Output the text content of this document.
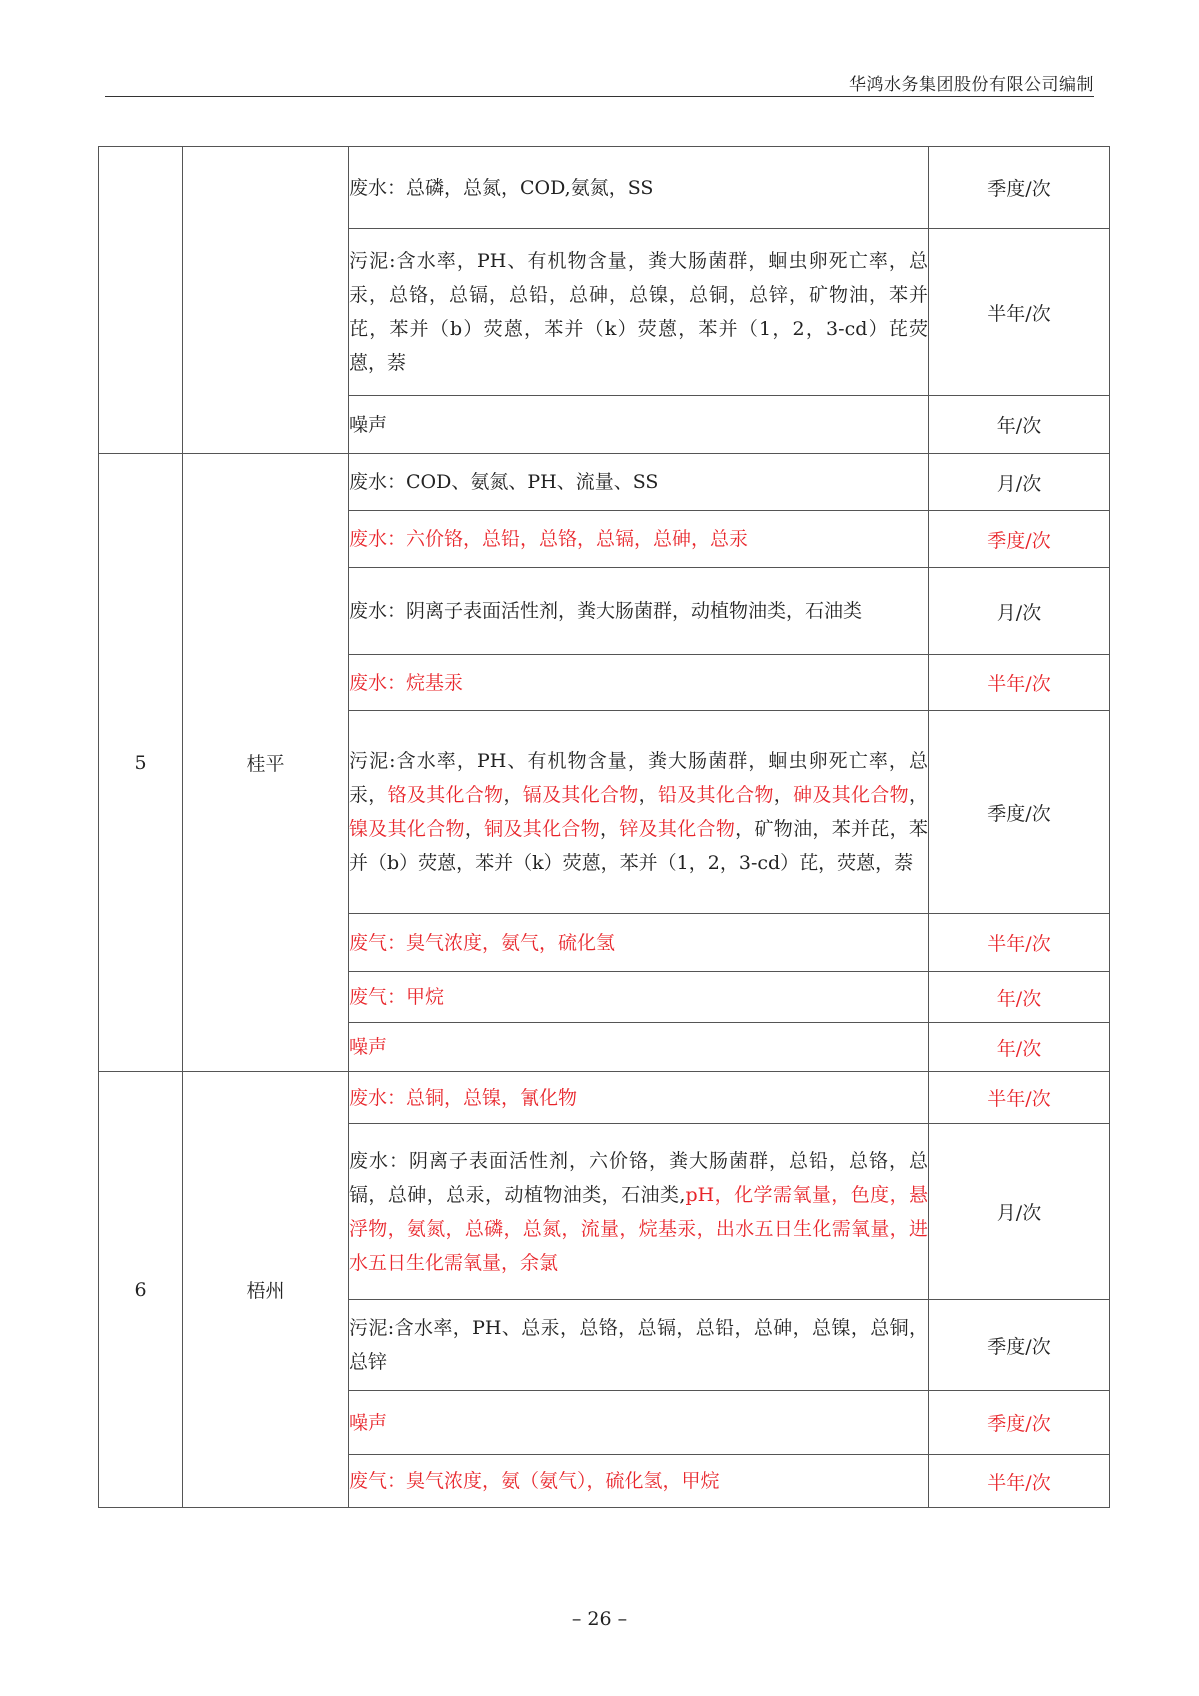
华鸿水务集团股份有限公司编制
		废水：总磷，总氮，COD,氨氮，SS	季度/次
		污泥:含水率，PH、有机物含量，粪大肠菌群，蛔虫卵死亡率，总汞，总铬，总镉，总铅，总砷，总镍，总铜，总锌，矿物油，苯并芘，苯并（b）荧蒽，苯并（k）荧蒽，苯并（1，2，3-cd）芘荧蒽，萘	半年/次
		噪声	年/次
5	桂平	废水：COD、氨氮、PH、流量、SS	月/次
		废水：六价铬，总铅，总铬，总镉，总砷，总汞	季度/次
		废水：阴离子表面活性剂，粪大肠菌群，动植物油类，石油类	月/次
		废水：烷基汞	半年/次
		污泥:含水率，PH、有机物含量，粪大肠菌群，蛔虫卵死亡率，总汞，铬及其化合物，镉及其化合物，铅及其化合物，砷及其化合物，镍及其化合物，铜及其化合物，锌及其化合物，矿物油，苯并芘，苯并（b）荧蒽，苯并（k）荧蒽，苯并（1，2，3-cd）芘，荧蒽，萘	季度/次
		废气：臭气浓度，氨气，硫化氢	半年/次
		废气：甲烷	年/次
		噪声	年/次
6	梧州	废水：总铜，总镍，氰化物	半年/次
		废水：阴离子表面活性剂，六价铬，粪大肠菌群，总铅，总铬，总镉，总砷，总汞，动植物油类，石油类,pH，化学需氧量，色度，悬浮物，氨氮，总磷，总氮，流量，烷基汞，出水五日生化需氧量，进水五日生化需氧量，余氯	月/次
		污泥:含水率，PH、总汞，总铬，总镉，总铅，总砷，总镍，总铜，总锌	季度/次
		噪声	季度/次
		废气：臭气浓度，氨（氨气），硫化氢，甲烷	半年/次
– 26 –
